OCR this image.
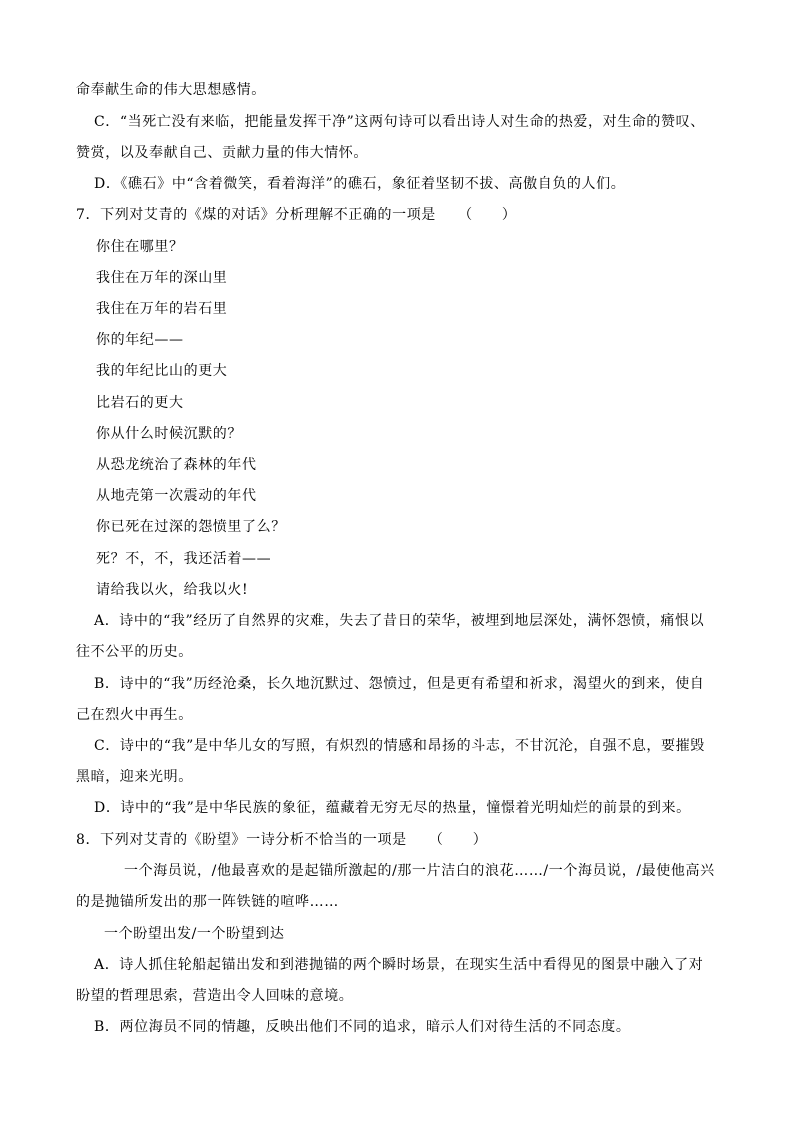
命奉献生命的伟大思想感情。
C．“当死亡没有来临，把能量发挥干净”这两句诗可以看出诗人对生命的热爱，对生命的赞叹、
赞赏，以及奉献自己、贡献力量的伟大情怀。
D．《礁石》中“含着微笑，看着海洋”的礁石，象征着坚韧不拔、高傲自负的人们。
7．下列对艾青的《煤的对话》分析理解不正确的一项是　　（　　）
你住在哪里？
我住在万年的深山里
我住在万年的岩石里
你的年纪——
我的年纪比山的更大
比岩石的更大
你从什么时候沉默的？
从恐龙统治了森林的年代
从地壳第一次震动的年代
你已死在过深的怨愤里了么？
死？不，不，我还活着——
请给我以火，给我以火!
A．诗中的“我”经历了自然界的灾难，失去了昔日的荣华，被埋到地层深处，满怀怨愤，痛恨以
往不公平的历史。
B．诗中的“我”历经沧桑，长久地沉默过、怨愤过，但是更有希望和祈求，渴望火的到来，使自
己在烈火中再生。
C．诗中的“我”是中华儿女的写照，有炽烈的情感和昂扬的斗志，不甘沉沦，自强不息，要摧毁
黑暗，迎来光明。
D．诗中的“我”是中华民族的象征，蕴藏着无穷无尽的热量，憧憬着光明灿烂的前景的到来。
8．下列对艾青的《盼望》一诗分析不恰当的一项是　　（　　）
一个海员说，/他最喜欢的是起锚所激起的/那一片洁白的浪花……/一个海员说，/最使他高兴
的是抛锚所发出的那一阵铁链的喧哗……
一个盼望出发/一个盼望到达
A．诗人抓住轮船起锚出发和到港抛锚的两个瞬时场景，在现实生活中看得见的图景中融入了对
盼望的哲理思索，营造出令人回味的意境。
B．两位海员不同的情趣，反映出他们不同的追求，暗示人们对待生活的不同态度。
